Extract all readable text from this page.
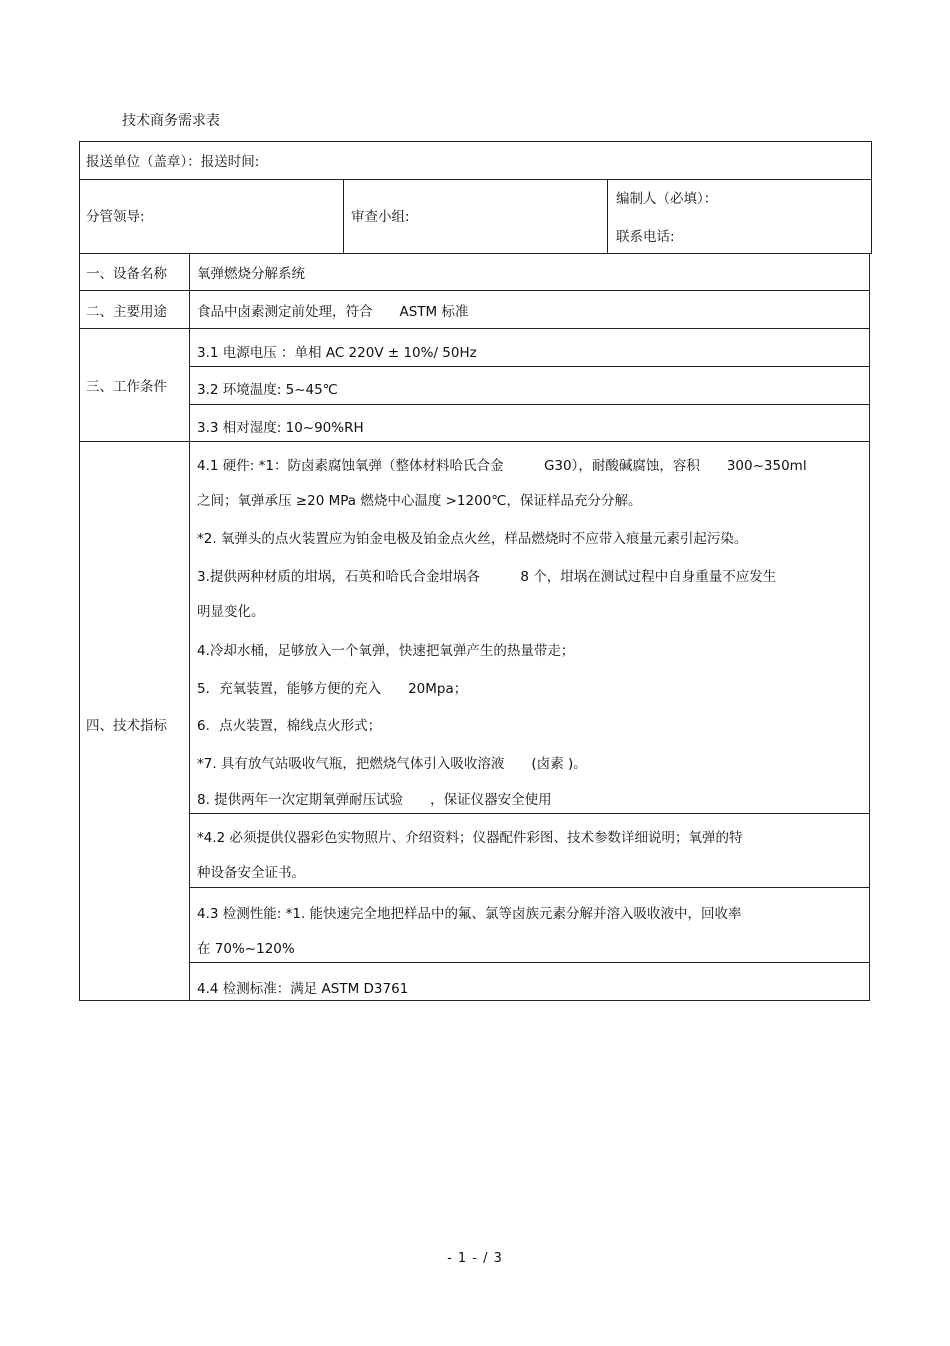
技术商务需求表
报送单位（盖章）：报送时间:
分管领导:	审查小组:
编制人（必填）：
联系电话:
一、设备名称 氧弹燃烧分解系统
二、主要用途 食品中卤素测定前处理，符合　　ASTM 标准
三、工作条件
3.1 电源电压 ：单相 AC 220V ± 10%/ 50Hz
3.2 环境温度: 5~45℃
3.3 相对湿度: 10~90%RH
四、技术指标
4.1 硬件: *1：防卤素腐蚀氧弹（整体材料哈氏合金　　　G30），耐酸碱腐蚀，容积　　300~350ml
之间；氧弹承压 ≥20 MPa 燃烧中心温度 >1200℃，保证样品充分分解。
*2. 氧弹头的点火装置应为铂金电极及铂金点火丝，样品燃烧时不应带入痕量元素引起污染。
3.提供两种材质的坩埚，石英和哈氏合金坩埚各　　　8 个，坩埚在测试过程中自身重量不应发生
明显变化。
4.冷却水桶，足够放入一个氧弹，快速把氧弹产生的热量带走；
5．充氧装置，能够方便的充入　　20Mpa；
6．点火装置，棉线点火形式；
*7. 具有放气站吸收气瓶，把燃烧气体引入吸收溶液　　(卤素 )。
8. 提供两年一次定期氧弹耐压试验　　，保证仪器安全使用
*4.2 必须提供仪器彩色实物照片、介绍资料；仪器配件彩图、技术参数详细说明；氧弹的特
种设备安全证书。
4.3 检测性能: *1. 能快速完全地把样品中的氟、氯等卤族元素分解并溶入吸收液中，回收率
在 70%~120%
4.4 检测标准：满足 ASTM D3761
- 1 - / 3
